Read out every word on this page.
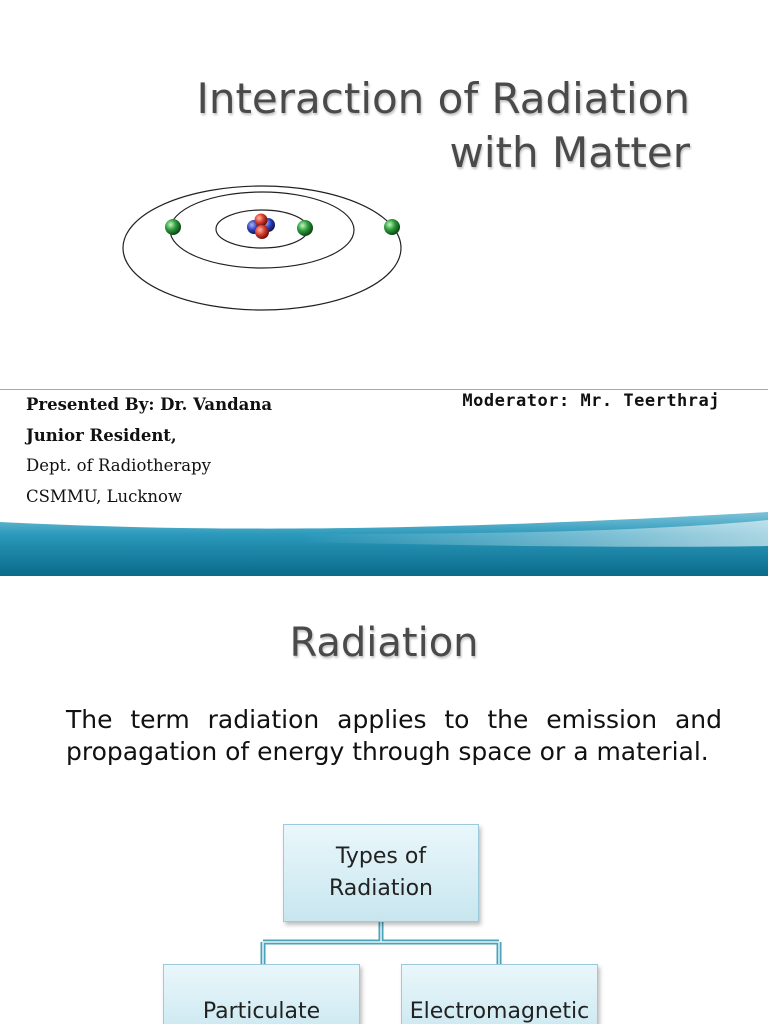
Interaction of Radiation
with Matter
Presented By: Dr. Vandana
Junior Resident,
Dept. of Radiotherapy
CSMMU, Lucknow
Moderator: Mr. Teerthraj
Radiation
The term radiation applies to the emission and propagation of energy through space or a material.
Types of
Radiation
Particulate	Electromagnetic
